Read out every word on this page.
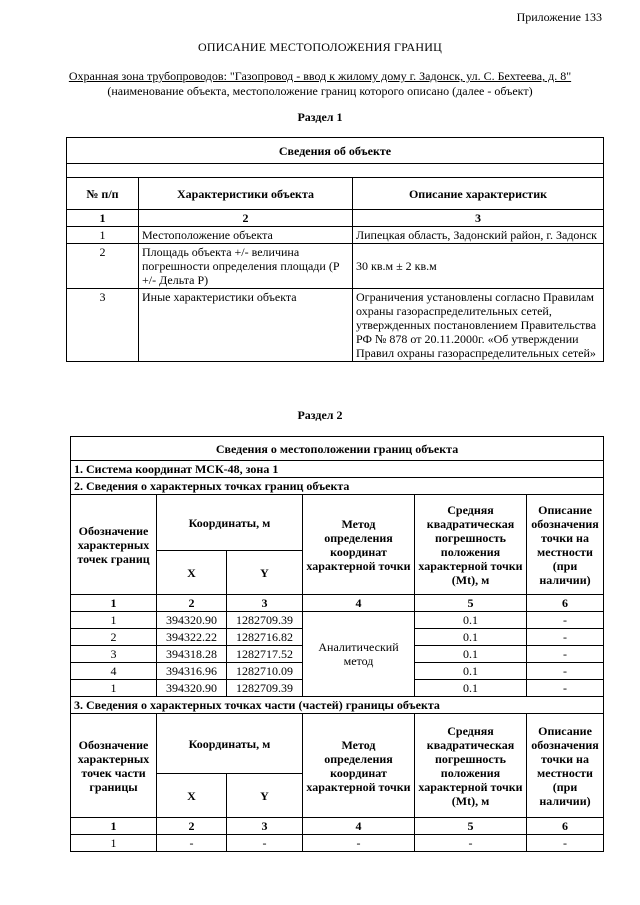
Приложение 133
ОПИСАНИЕ МЕСТОПОЛОЖЕНИЯ ГРАНИЦ
Охранная зона трубопроводов: "Газопровод - ввод к жилому дому г. Задонск, ул. С. Бехтеева, д. 8"
(наименование объекта, местоположение границ которого описано (далее - объект)
Раздел 1
Сведения об объекте		

№ п/п	Характеристики объекта	Описание характеристик
1	2	3
1	Местоположение объекта	Липецкая область, Задонский район, г. Задонск
2	Площадь объекта +/- величина погрешности определения площади (P +/- Дельта P)	30 кв.м ± 2 кв.м
3	Иные характеристики объекта	Ограничения установлены согласно Правилам охраны газораспределительных сетей, утвержденных постановлением Правительства РФ № 878 от 20.11.2000г. «Об утверждении Правил охраны газораспределительных сетей»
Раздел 2
Сведения о местоположении границ объекта					
1. Система координат МСК-48, зона 1					
2. Сведения о характерных точках границ объекта					
Обозначение характерных точек границ	Координаты, м		Метод определения координат характерной точки	Средняя квадратическая погрешность положения характерной точки (Mt), м	Описание обозначения точки на местности (при наличии)
	X	Y			
1	2	3	4	5	6
1	394320.90	1282709.39	Аналитический метод	0.1	-
2	394322.22	1282716.82		0.1	-
3	394318.28	1282717.52		0.1	-
4	394316.96	1282710.09		0.1	-
1	394320.90	1282709.39		0.1	-
3. Сведения о характерных точках части (частей) границы объекта					
Обозначение характерных точек части границы	Координаты, м		Метод определения координат характерной точки	Средняя квадратическая погрешность положения характерной точки (Mt), м	Описание обозначения точки на местности (при наличии)
	X	Y			
1	2	3	4	5	6
1	-	-	-	-	-
